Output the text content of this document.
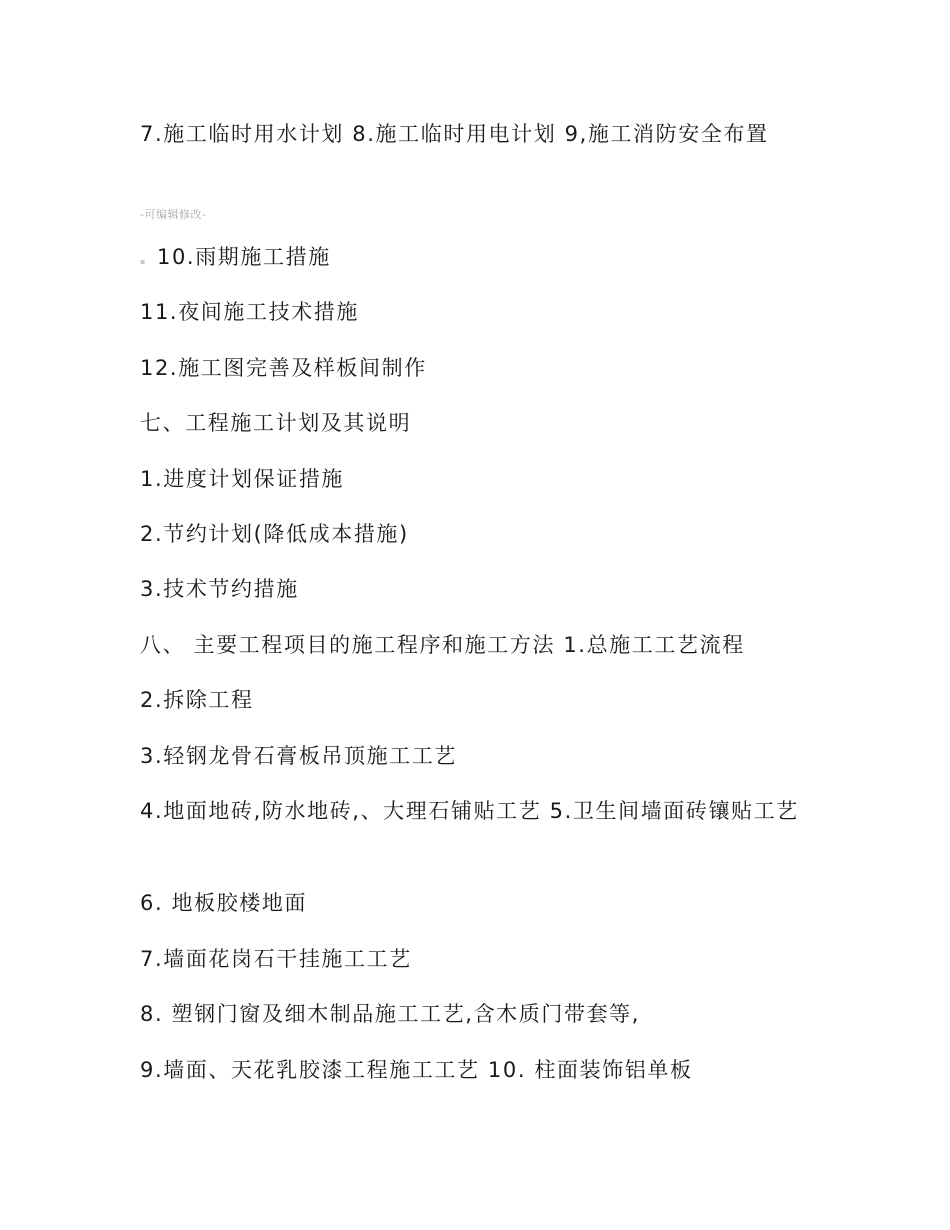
7.施工临时用水计划 8.施工临时用电计划 9,施工消防安全布置
-可编辑修改-
▪ 10.雨期施工措施
11.夜间施工技术措施
12.施工图完善及样板间制作
七、工程施工计划及其说明
1.进度计划保证措施
2.节约计划(降低成本措施)
3.技术节约措施
八、 主要工程项目的施工程序和施工方法 1.总施工工艺流程
2.拆除工程
3.轻钢龙骨石膏板吊顶施工工艺
4.地面地砖,防水地砖,、大理石铺贴工艺 5.卫生间墙面砖镶贴工艺
6. 地板胶楼地面
7.墙面花岗石干挂施工工艺
8. 塑钢门窗及细木制品施工工艺,含木质门带套等,
9.墙面、天花乳胶漆工程施工工艺 10. 柱面装饰铝单板
